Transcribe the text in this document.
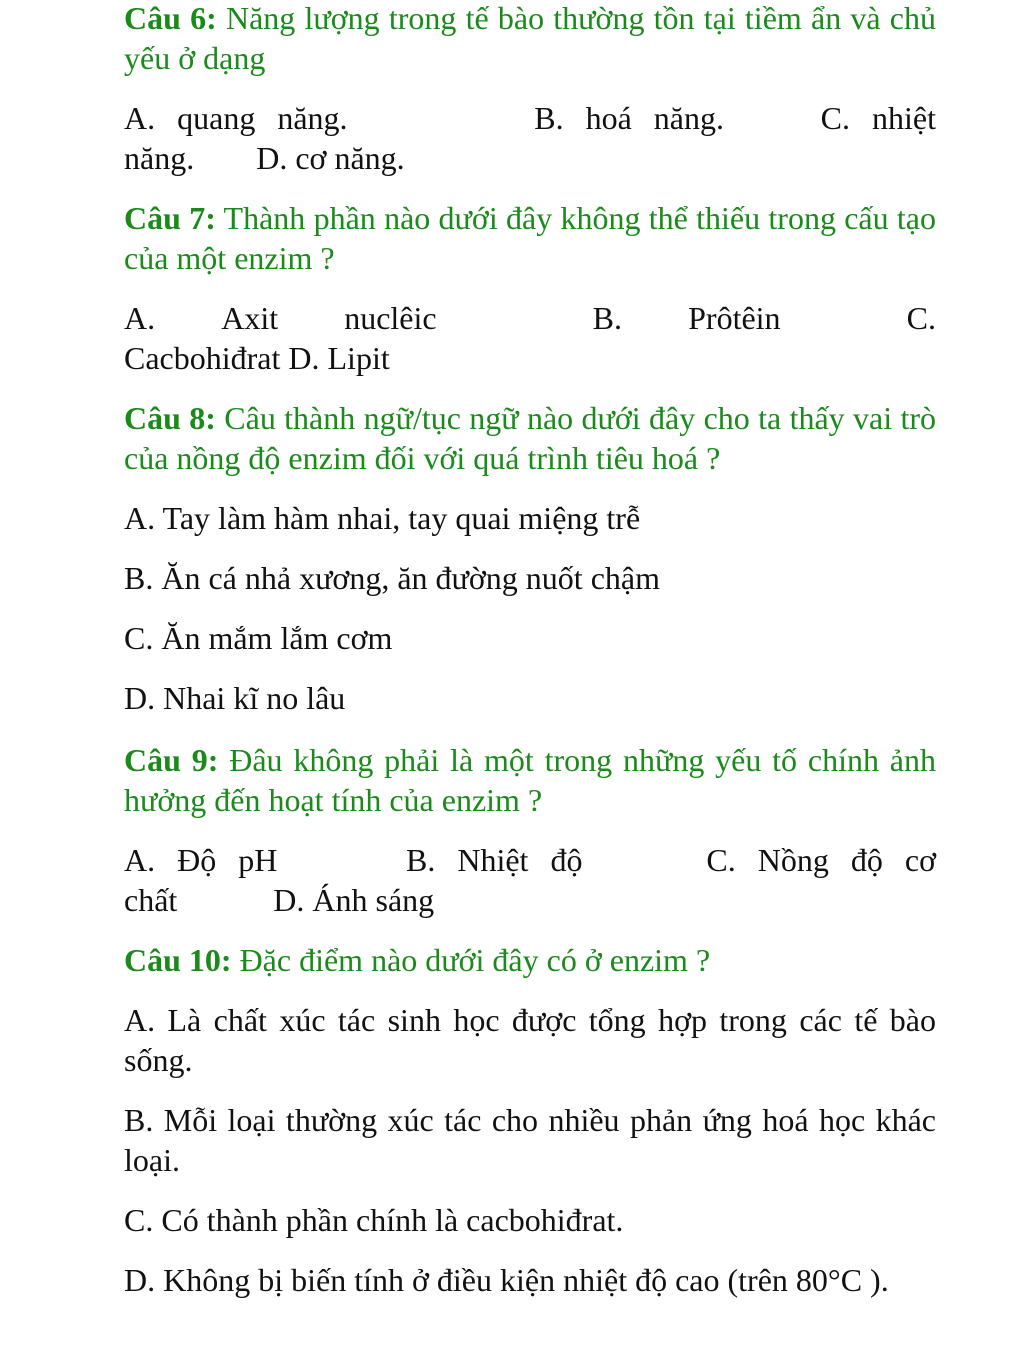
Câu 6: Năng lượng trong tế bào thường tồn tại tiềm ẩn và chủ yếu ở dạng
A. quang năng.	B. hoá năng.	C. nhiệt
năng. D. cơ năng.
Câu 7: Thành phần nào dưới đây không thể thiếu trong cấu tạo của một enzim ?
A. Axit nuclêic	B. Prôtêin	C.
Cacbohiđrat D. Lipit
Câu 8: Câu thành ngữ/tục ngữ nào dưới đây cho ta thấy vai trò của nồng độ enzim đối với quá trình tiêu hoá ?
A. Tay làm hàm nhai, tay quai miệng trễ
B. Ăn cá nhả xương, ăn đường nuốt chậm
C. Ăn mắm lắm cơm
D. Nhai kĩ no lâu
Câu 9: Đâu không phải là một trong những yếu tố chính ảnh hưởng đến hoạt tính của enzim ?
A. Độ pH	B. Nhiệt độ	C. Nồng độ cơ
chất	D. Ánh sáng
Câu 10: Đặc điểm nào dưới đây có ở enzim ?
A. Là chất xúc tác sinh học được tổng hợp trong các tế bào sống.
B. Mỗi loại thường xúc tác cho nhiều phản ứng hoá học khác loại.
C. Có thành phần chính là cacbohiđrat.
D. Không bị biến tính ở điều kiện nhiệt độ cao (trên 80°C ).
